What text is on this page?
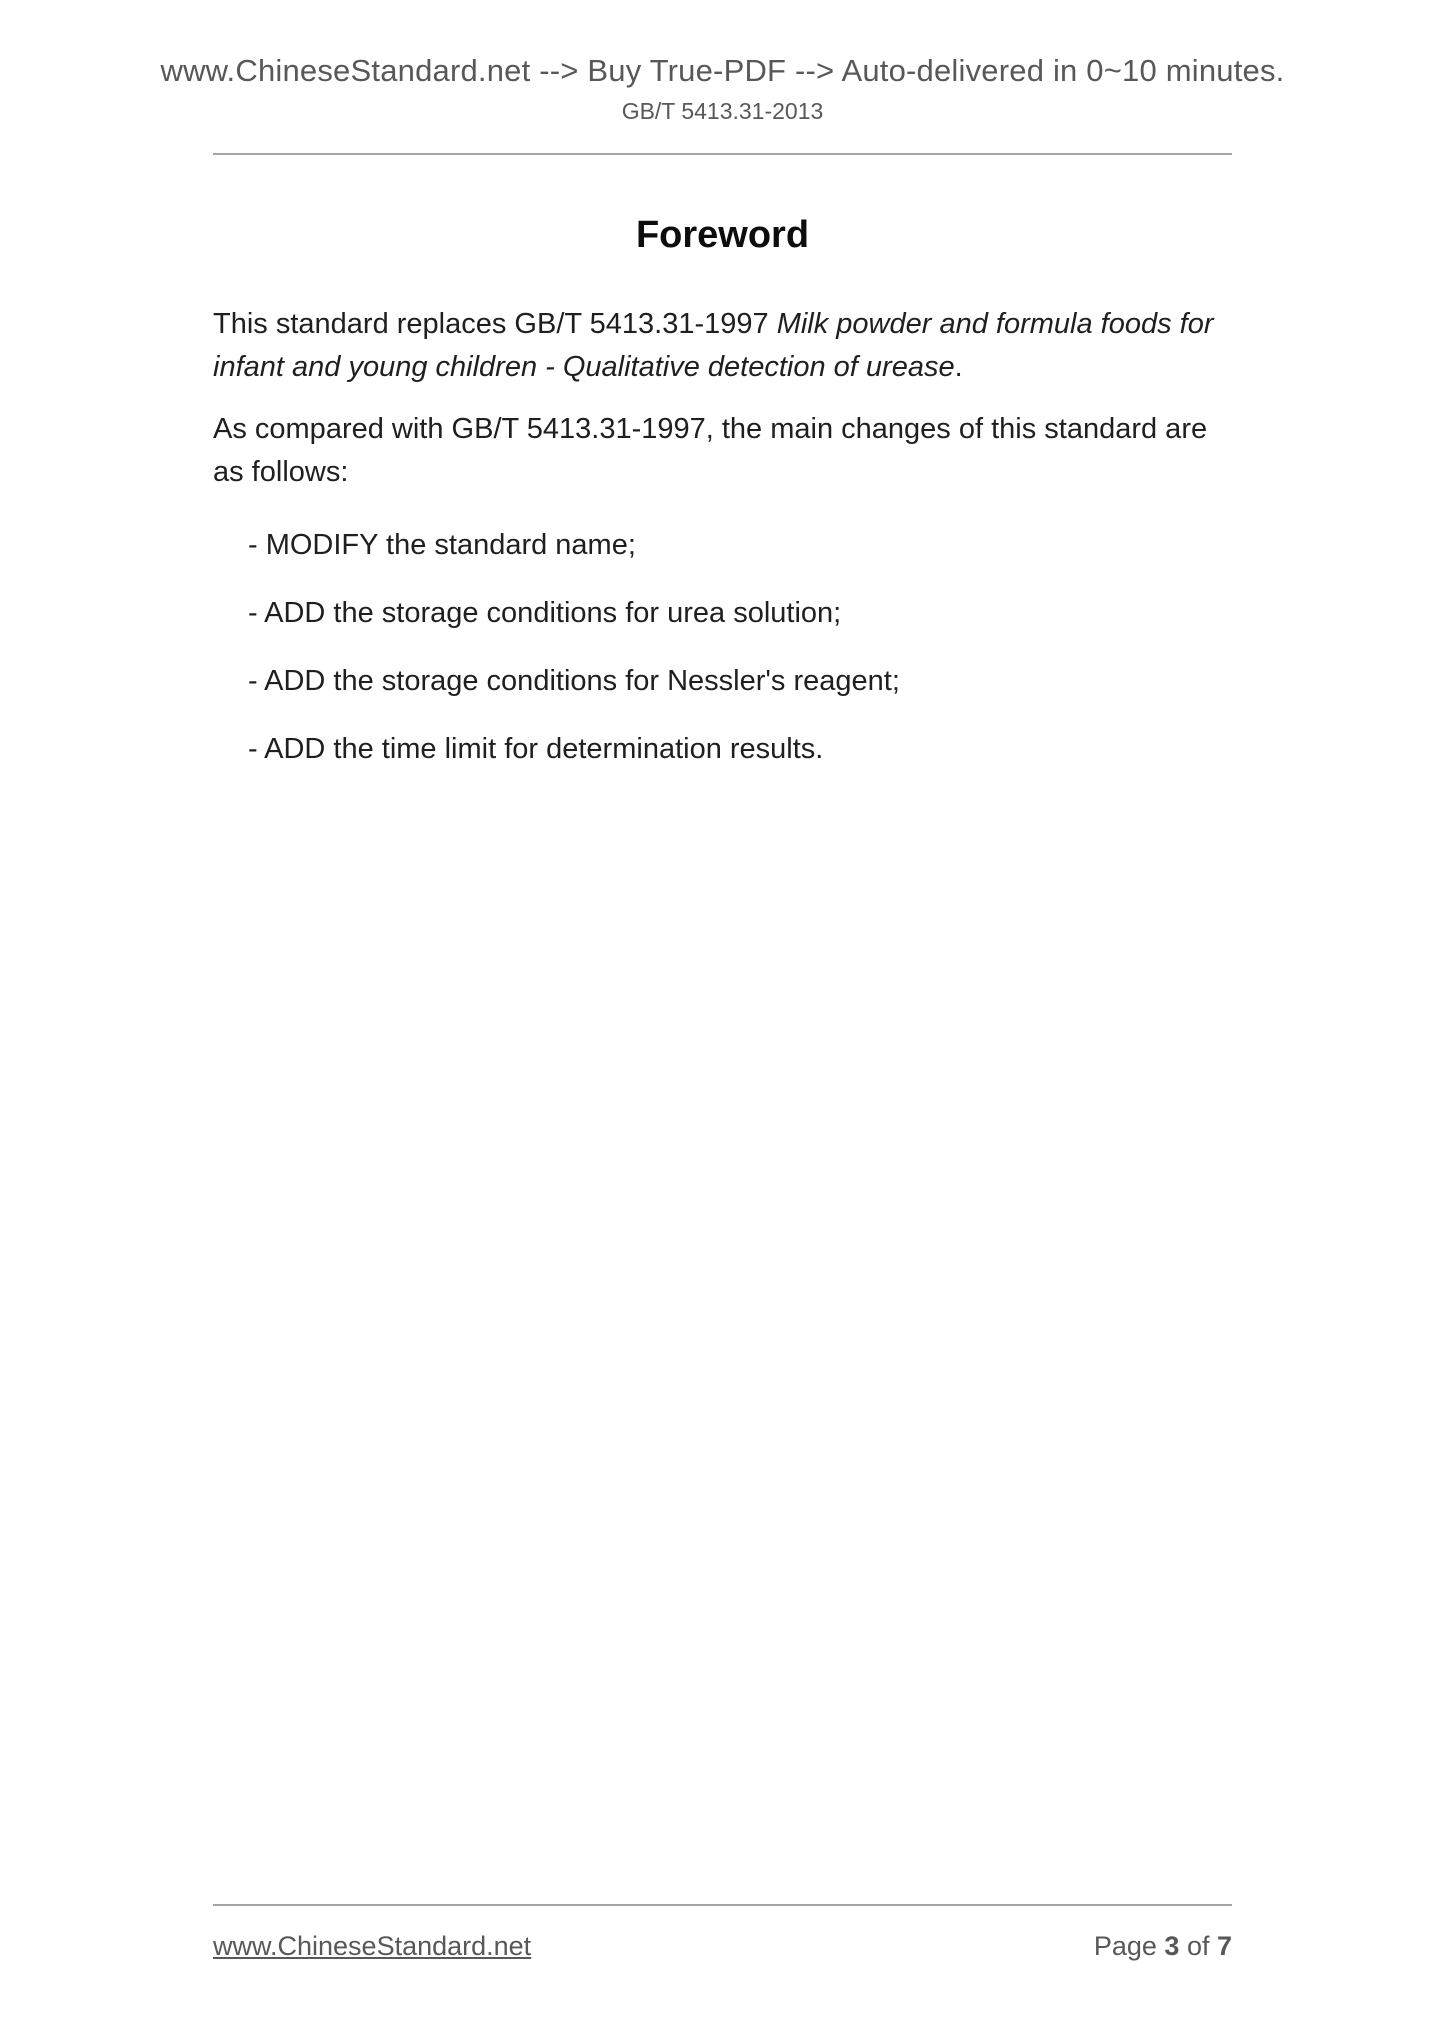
www.ChineseStandard.net --> Buy True-PDF --> Auto-delivered in 0~10 minutes.
GB/T 5413.31-2013
Foreword

This standard replaces GB/T 5413.31-1997 Milk powder and formula foods for infant and young children - Qualitative detection of urease.

As compared with GB/T 5413.31-1997, the main changes of this standard are as follows:

- MODIFY the standard name;
- ADD the storage conditions for urea solution;
- ADD the storage conditions for Nessler's reagent;
- ADD the time limit for determination results.
www.ChineseStandard.net	Page 3 of 7
